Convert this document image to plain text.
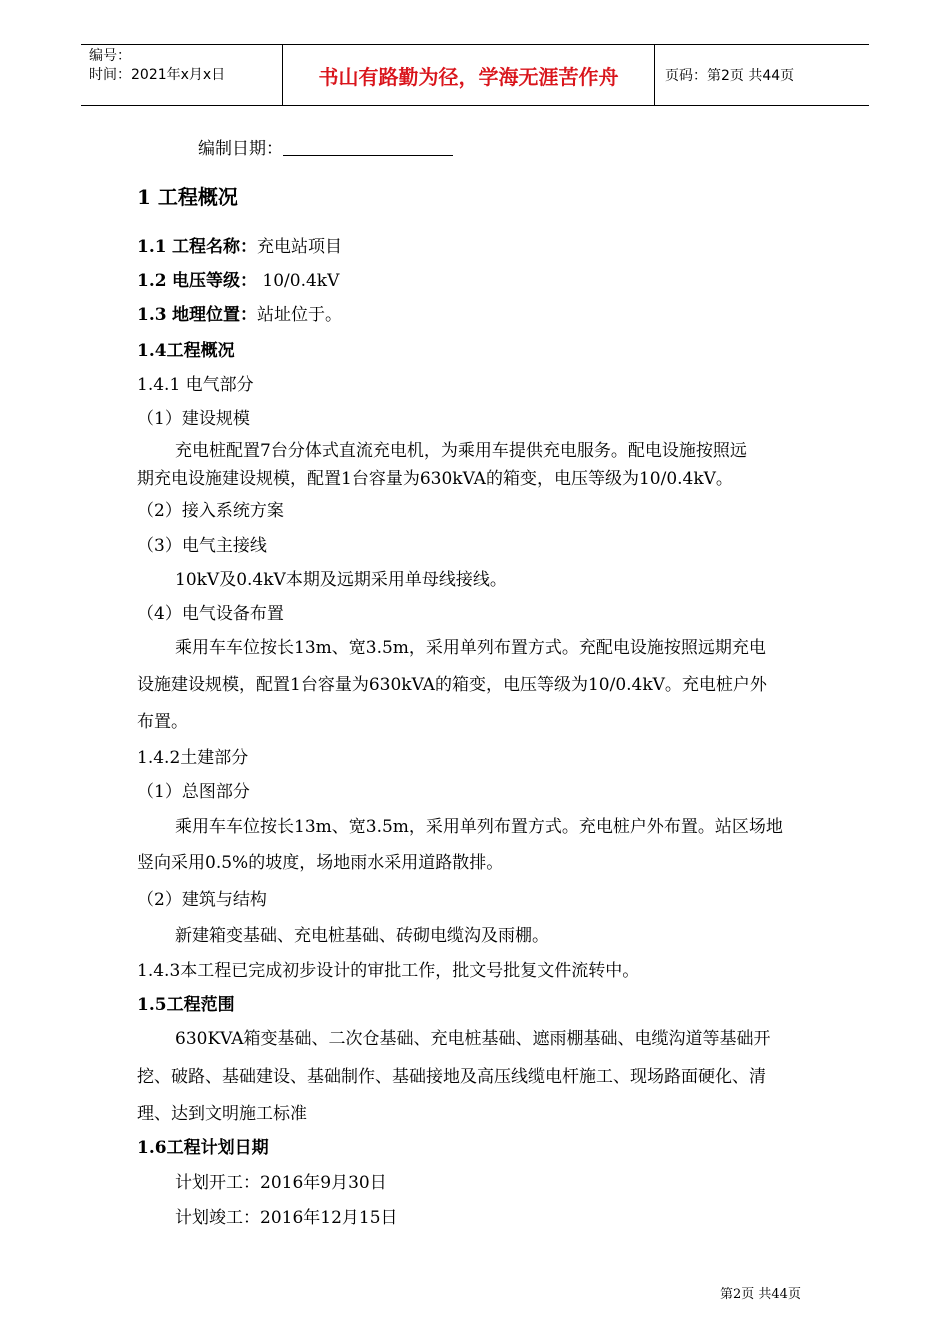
编号：
时间：2021年x月x日	书山有路勤为径，学海无涯苦作舟	页码：第2页 共44页
编制日期：
1 工程概况
1.1 工程名称：充电站项目
1.2 电压等级： 10/0.4kV
1.3 地理位置：站址位于。
1.4工程概况
1.4.1 电气部分
（1）建设规模
充电桩配置7台分体式直流充电机，为乘用车提供充电服务。配电设施按照远
期充电设施建设规模，配置1台容量为630kVA的箱变，电压等级为10/0.4kV。
（2）接入系统方案
（3）电气主接线
10kV及0.4kV本期及远期采用单母线接线。
（4）电气设备布置
乘用车车位按长13m、宽3.5m，采用单列布置方式。充配电设施按照远期充电
设施建设规模，配置1台容量为630kVA的箱变，电压等级为10/0.4kV。充电桩户外
布置。
1.4.2土建部分
（1）总图部分
乘用车车位按长13m、宽3.5m，采用单列布置方式。充电桩户外布置。站区场地
竖向采用0.5%的坡度，场地雨水采用道路散排。
（2）建筑与结构
新建箱变基础、充电桩基础、砖砌电缆沟及雨棚。
1.4.3本工程已完成初步设计的审批工作，批文号批复文件流转中。
1.5工程范围
630KVA箱变基础、二次仓基础、充电桩基础、遮雨棚基础、电缆沟道等基础开
挖、破路、基础建设、基础制作、基础接地及高压线缆电杆施工、现场路面硬化、清
理、达到文明施工标准
1.6工程计划日期
计划开工：2016年9月30日
计划竣工：2016年12月15日
第2页 共44页
